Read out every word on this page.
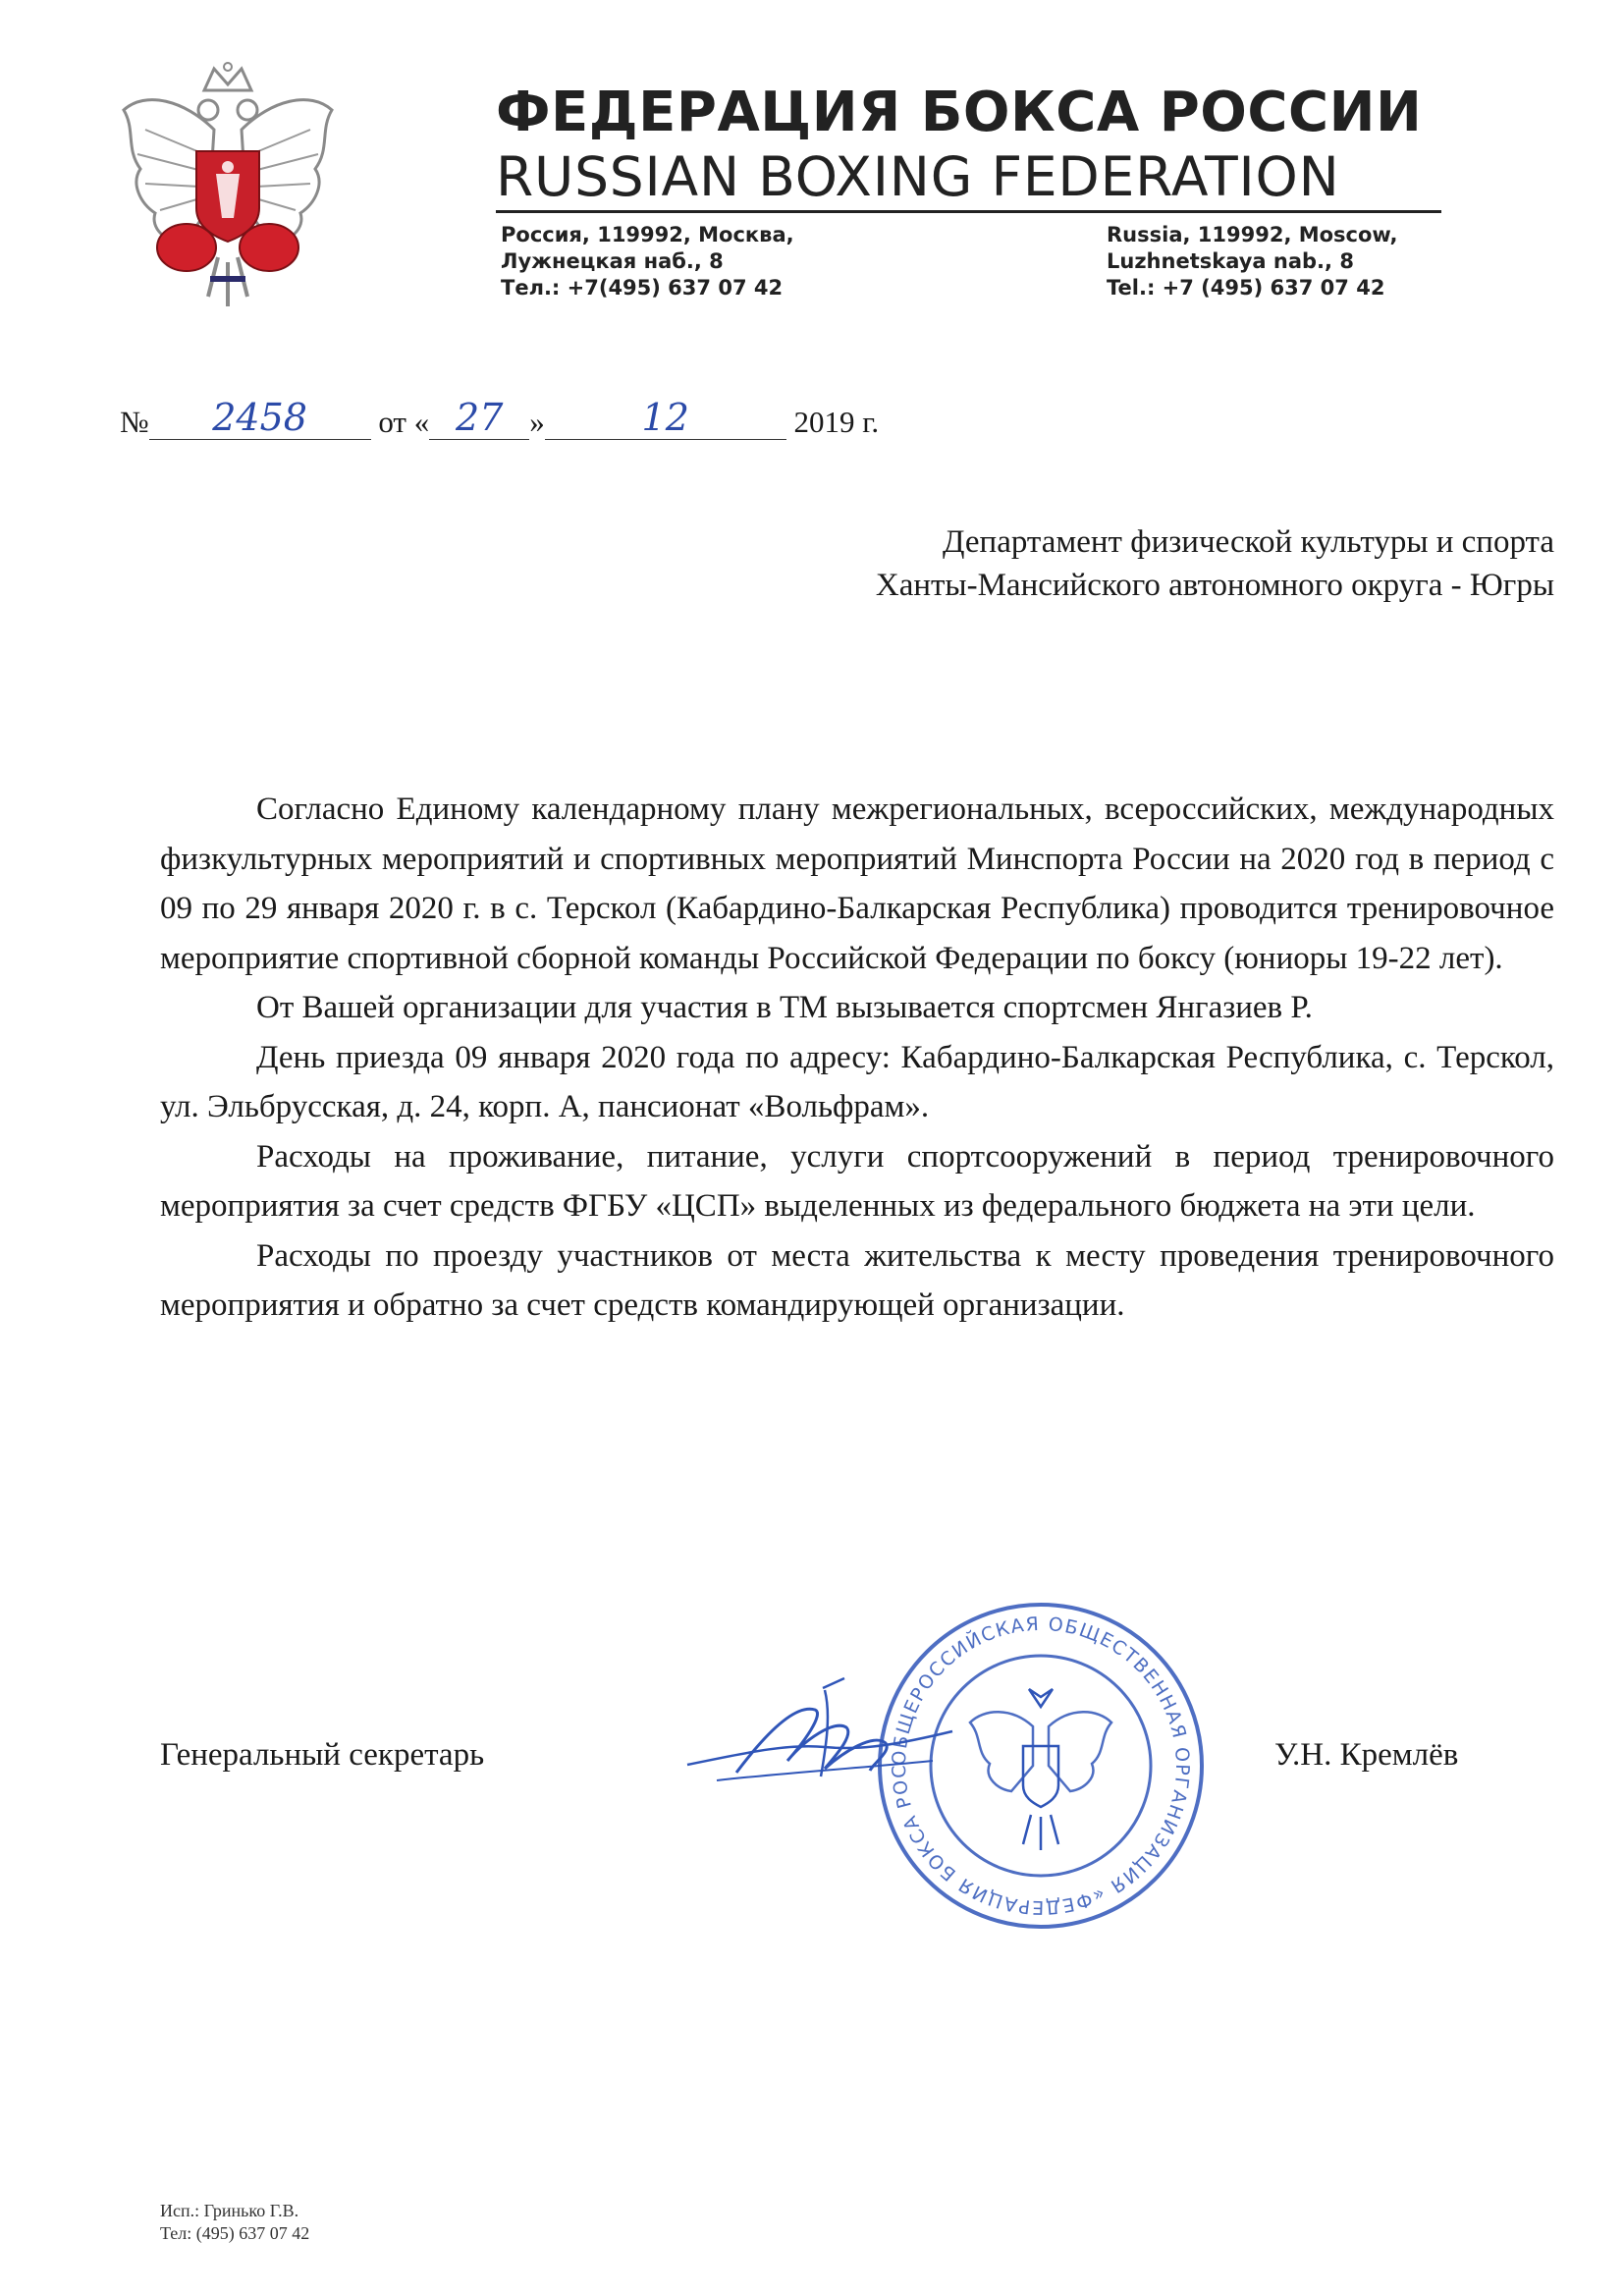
ФЕДЕРАЦИЯ БОКСА РОССИИ
RUSSIAN BOXING FEDERATION
Россия, 119992, Москва,
Лужнецкая наб., 8
Тел.: +7(495) 637 07 42
Russia, 119992, Moscow,
Luzhnetskaya nab., 8
Tel.: +7 (495) 637 07 42
№	2458	от « 27 »	12	2019 г.
Департамент физической культуры и спорта
Ханты-Мансийского автономного округа - Югры

Согласно Единому календарному плану межрегиональных, всероссийских, международных физкультурных мероприятий и спортивных мероприятий Минспорта России на 2020 год в период с 09 по 29 января 2020 г. в с. Терскол (Кабардино-Балкарская Республика) проводится тренировочное мероприятие спортивной сборной команды Российской Федерации по боксу (юниоры 19-22 лет).

От Вашей организации для участия в ТМ вызывается спортсмен Янгазиев Р.

День приезда 09 января 2020 года по адресу: Кабардино-Балкарская Республика, с. Терскол, ул. Эльбрусская, д. 24, корп. А, пансионат «Вольфрам».

Расходы на проживание, питание, услуги спортсооружений в период тренировочного мероприятия за счет средств ФГБУ «ЦСП» выделенных из федерального бюджета на эти цели.

Расходы по проезду участников от места жительства к месту проведения тренировочного мероприятия и обратно за счет средств командирующей организации.

Генеральный секретарь	ОБЩЕРОССИЙСКАЯ ОБЩЕСТВЕННАЯ ОРГАНИЗАЦИЯ «ФЕДЕРАЦИЯ БОКСА РОС	У.Н. Кремлёв
Исп.: Гринько Г.В.
Тел: (495) 637 07 42
